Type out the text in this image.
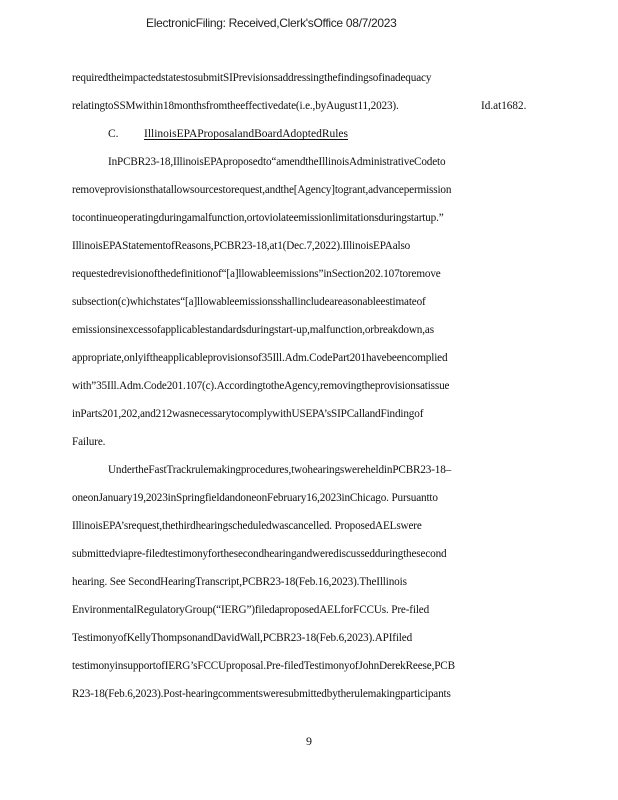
ElectronicFiling: Received,Clerk'sOffice 08/7/2023
requiredtheimpactedstatestosubmitSIPrevisionsaddressingthefindingsofinadequacy
relatingtoSSMwithin18monthsfromtheeffectivedate(i.e.,byAugust11,2023).	Id.at1682.
C. IllinoisEPAProposalandBoardAdoptedRules
InPCBR23-18,IllinoisEPAproposedto“amendtheIllinoisAdministrativeCodeto
removeprovisionsthatallowsourcestorequest,andthe[Agency]togrant,advancepermission
tocontinueoperatingduringamalfunction,ortoviolateemissionlimitationsduringstartup.”
IllinoisEPAStatementofReasons,PCBR23-18,at1(Dec.7,2022).IllinoisEPAalso
requestedrevisionofthedefinitionof“[a]llowableemissions”inSection202.107toremove
subsection(c)whichstates“[a]llowableemissionsshallincludeareasonableestimateof
emissionsinexcessofapplicablestandardsduringstart-up,malfunction,orbreakdown,as
appropriate,onlyiftheapplicableprovisionsof35Ill.Adm.CodePart201havebeencomplied
with”35Ill.Adm.Code201.107(c).AccordingtotheAgency,removingtheprovisionsatissue
inParts201,202,and212wasnecessarytocomplywithUSEPA’sSIPCallandFindingof
Failure.
UndertheFastTrackrulemakingprocedures,twohearingswereheldinPCBR23-18–
oneonJanuary19,2023inSpringfieldandoneonFebruary16,2023inChicago. Pursuantto
IllinoisEPA’srequest,thethirdhearingscheduledwascancelled. ProposedAELswere
submittedviapre-filedtestimonyforthesecondhearingandwerediscussedduringthesecond
hearing. See SecondHearingTranscript,PCBR23-18(Feb.16,2023).TheIllinois
EnvironmentalRegulatoryGroup(“IERG”)filedaproposedAELforFCCUs. Pre-filed
TestimonyofKellyThompsonandDavidWall,PCBR23-18(Feb.6,2023).APIfiled
testimonyinsupportofIERG’sFCCUproposal.Pre-filedTestimonyofJohnDerekReese,PCB
R23-18(Feb.6,2023).Post-hearingcommentsweresubmittedbytherulemakingparticipants
9
